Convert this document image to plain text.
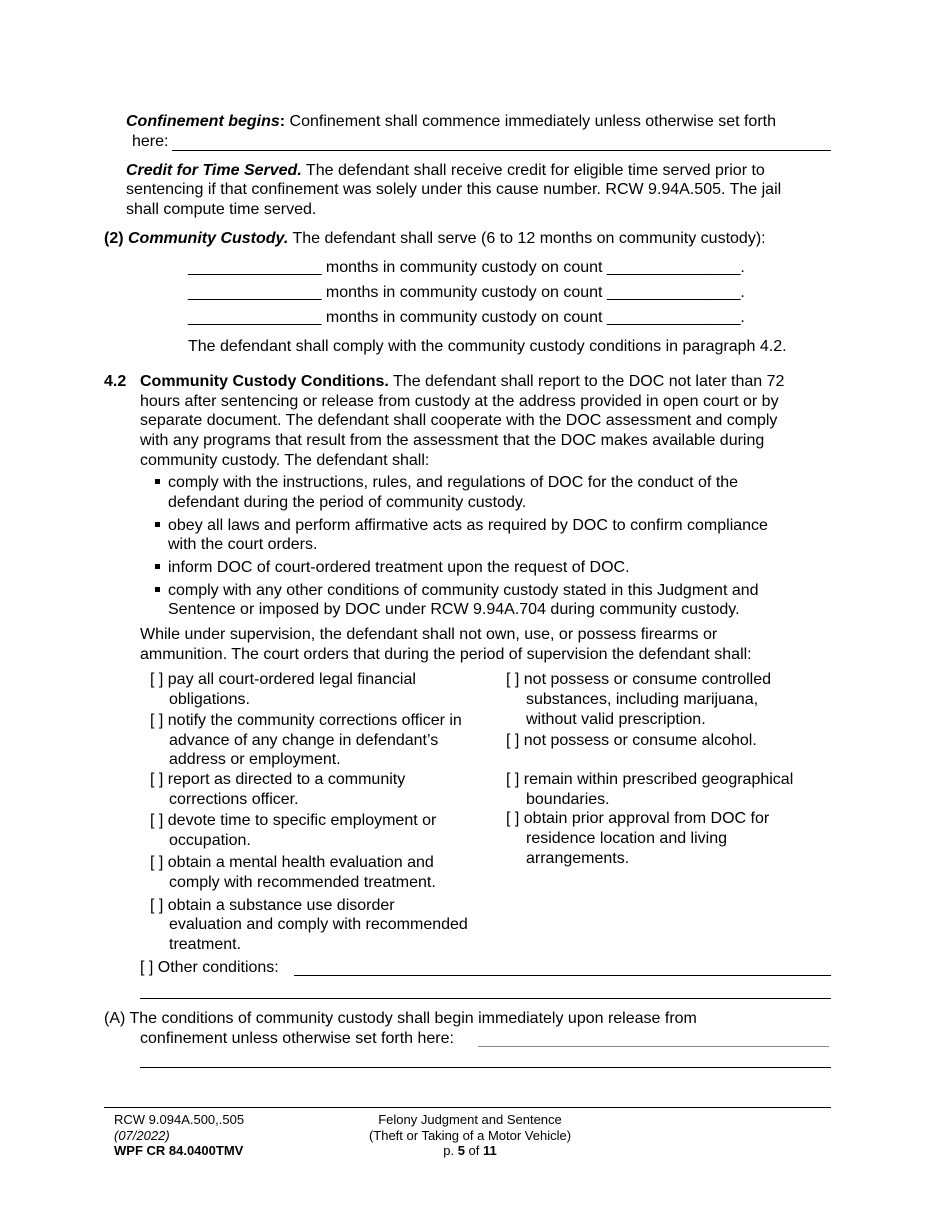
Confinement begins: Confinement shall commence immediately unless otherwise set forth
here:
Credit for Time Served. The defendant shall receive credit for eligible time served prior to
sentencing if that confinement was solely under this cause number. RCW 9.94A.505. The jail
shall compute time served.
(2) Community Custody. The defendant shall serve (6 to 12 months on community custody):
_______________ months in community custody on count _______________.
_______________ months in community custody on count _______________.
_______________ months in community custody on count _______________.
The defendant shall comply with the community custody conditions in paragraph 4.2.
4.2 Community Custody Conditions. The defendant shall report to the DOC not later than 72
hours after sentencing or release from custody at the address provided in open court or by
separate document. The defendant shall cooperate with the DOC assessment and comply
with any programs that result from the assessment that the DOC makes available during
community custody. The defendant shall:
comply with the instructions, rules, and regulations of DOC for the conduct of the
defendant during the period of community custody.
obey all laws and perform affirmative acts as required by DOC to confirm compliance
with the court orders.
inform DOC of court-ordered treatment upon the request of DOC.
comply with any other conditions of community custody stated in this Judgment and
Sentence or imposed by DOC under RCW 9.94A.704 during community custody.
While under supervision, the defendant shall not own, use, or possess firearms or
ammunition. The court orders that during the period of supervision the defendant shall:
[ ] pay all court-ordered legal financial
obligations.
[ ] notify the community corrections officer in
advance of any change in defendant’s
address or employment.
[ ] report as directed to a community
corrections officer.
[ ] devote time to specific employment or
occupation.
[ ] obtain a mental health evaluation and
comply with recommended treatment.
[ ] obtain a substance use disorder
evaluation and comply with recommended
treatment.
[ ] not possess or consume controlled
substances, including marijuana,
without valid prescription.
[ ] not possess or consume alcohol.
[ ] remain within prescribed geographical
boundaries.
[ ] obtain prior approval from DOC for
residence location and living
arrangements.
[ ] Other conditions:
(A) The conditions of community custody shall begin immediately upon release from
confinement unless otherwise set forth here:
RCW 9.094A.500,.505
(07/2022)
WPF CR 84.0400TMV
Felony Judgment and Sentence
(Theft or Taking of a Motor Vehicle)
p. 5 of 11
